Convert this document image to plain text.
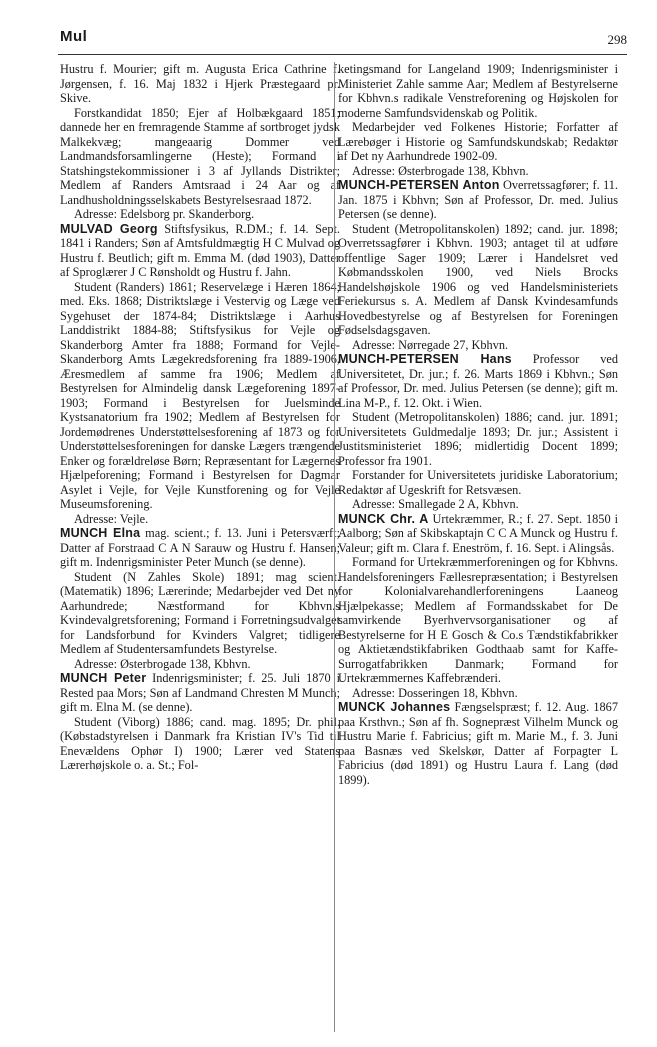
Mul	298

Hustru f. Mourier; gift m. Augusta Erica Cathrine f. Jørgensen, f. 16. Maj 1832 i Hjerk Præstegaard pr. Skive.

Forstkandidat 1850; Ejer af Holbækgaard 1851; dannede her en fremragende Stamme af sortbroget jydsk Malkekvæg; mangeaarig Dommer ved Landmandsforsamlingerne (Heste); Formand i Statshingstekommissioner i 3 af Jyllands Distrikter; Medlem af Randers Amtsraad i 24 Aar og af Landhusholdningsselskabets Bestyrelsesraad 1872.

Adresse: Edelsborg pr. Skanderborg.

MULVAD Georg Stiftsfysikus, R.DM.; f. 14. Sept. 1841 i Randers; Søn af Amtsfuldmægtig H C Mulvad og Hustru f. Beutlich; gift m. Emma M. (død 1903), Datter af Sproglærer J C Rønsholdt og Hustru f. Jahn.

Student (Randers) 1861; Reservelæge i Hæren 1864; med. Eks. 1868; Distriktslæge i Vestervig og Læge ved Sygehuset der 1874-84; Distriktslæge i Aarhus Landdistrikt 1884-88; Stiftsfysikus for Vejle og Skanderborg Amter fra 1888; Formand for Vejle-Skanderborg Amts Lægekredsforening fra 1889-1906, Æresmedlem af samme fra 1906; Medlem af Bestyrelsen for Almindelig dansk Lægeforening 1897-1903; Formand i Bestyrelsen for Juelsminde Kystsanatorium fra 1902; Medlem af Bestyrelsen for Jordemødrenes Understøttelsesforening af 1873 og for Understøttelsesforeningen for danske Lægers trængende Enker og forældreløse Børn; Repræsentant for Lægernes Hjælpeforening; Formand i Bestyrelsen for Dagmar Asylet i Vejle, for Vejle Kunstforening og for Vejle Museumsforening.

Adresse: Vejle.

MUNCH Elna mag. scient.; f. 13. Juni i Petersværft; Datter af Forstraad C A N Sarauw og Hustru f. Hansen; gift m. Indenrigsminister Peter Munch (se denne).

Student (N Zahles Skole) 1891; mag scient. (Matematik) 1896; Lærerinde; Medarbejder ved Det ny Aarhundrede; Næstformand for Kbhvn.s Kvindevalgretsforening; Formand i Forretningsudvalget for Landsforbund for Kvinders Valgret; tidligere Medlem af Studentersamfundets Bestyrelse.

Adresse: Østerbrogade 138, Kbhvn.

MUNCH Peter Indenrigsminister; f. 25. Juli 1870 i Rested paa Mors; Søn af Landmand Chresten M Munch; gift m. Elna M. (se denne).

Student (Viborg) 1886; cand. mag. 1895; Dr. phil. (Købstadstyrelsen i Danmark fra Kristian IV's Tid til Enevældens Ophør I) 1900; Lærer ved Statens Lærerhøjskole o. a. St.; Fol-

ketingsmand for Langeland 1909; Indenrigsminister i Ministeriet Zahle samme Aar; Medlem af Bestyrelserne for Kbhvn.s radikale Venstreforening og Højskolen for moderne Samfundsvidenskab og Politik.

Medarbejder ved Folkenes Historie; Forfatter af Lærebøger i Historie og Samfundskundskab; Redaktør af Det ny Aarhundrede 1902-09.

Adresse: Østerbrogade 138, Kbhvn.

MUNCH-PETERSEN Anton Overretssagfører; f. 11. Jan. 1875 i Kbhvn; Søn af Professor, Dr. med. Julius Petersen (se denne).

Student (Metropolitanskolen) 1892; cand. jur. 1898; Overretssagfører i Kbhvn. 1903; antaget til at udføre offentlige Sager 1909; Lærer i Handelsret ved Købmandsskolen 1900, ved Niels Brocks Handelshøjskole 1906 og ved Handelsministeriets Feriekursus s. A. Medlem af Dansk Kvindesamfunds Hovedbestyrelse og af Bestyrelsen for Foreningen Fødselsdagsgaven.

Adresse: Nørregade 27, Kbhvn.

MUNCH-PETERSEN Hans Professor ved Universitetet, Dr. jur.; f. 26. Marts 1869 i Kbhvn.; Søn af Professor, Dr. med. Julius Petersen (se denne); gift m. Lina M-P., f. 12. Okt. i Wien.

Student (Metropolitanskolen) 1886; cand. jur. 1891; Universitetets Guldmedalje 1893; Dr. jur.; Assistent i Justitsministeriet 1896; midlertidig Docent 1899; Professor fra 1901.

Forstander for Universitetets juridiske Laboratorium; Redaktør af Ugeskrift for Retsvæsen.

Adresse: Smallegade 2 A, Kbhvn.

MUNCK Chr. A Urtekræmmer, R.; f. 27. Sept. 1850 i Aalborg; Søn af Skibskaptajn C C A Munck og Hustru f. Valeur; gift m. Clara f. Eneström, f. 16. Sept. i Alingsås.

Formand for Urtekræmmerforeningen og for Kbhvns. Handelsforeningers Fællesrepræsentation; i Bestyrelsen for Kolonialvarehandlerforeningens Laaneog Hjælpekasse; Medlem af Formandsskabet for De samvirkende Byerhvervsorganisationer og af Bestyrelserne for H E Gosch & Co.s Tændstikfabrikker og Aktietændstikfabriken Godthaab samt for Kaffe-Surrogatfabrikken Danmark; Formand for Urtekræmmernes Kaffebrænderi.

Adresse: Dosseringen 18, Kbhvn.

MUNCK Johannes Fængselspræst; f. 12. Aug. 1867 paa Krsthvn.; Søn af fh. Sognepræst Vilhelm Munck og Hustru Marie f. Fabricius; gift m. Marie M., f. 3. Juni paa Basnæs ved Skelskør, Datter af Forpagter L Fabricius (død 1891) og Hustru Laura f. Lang (død 1899).
